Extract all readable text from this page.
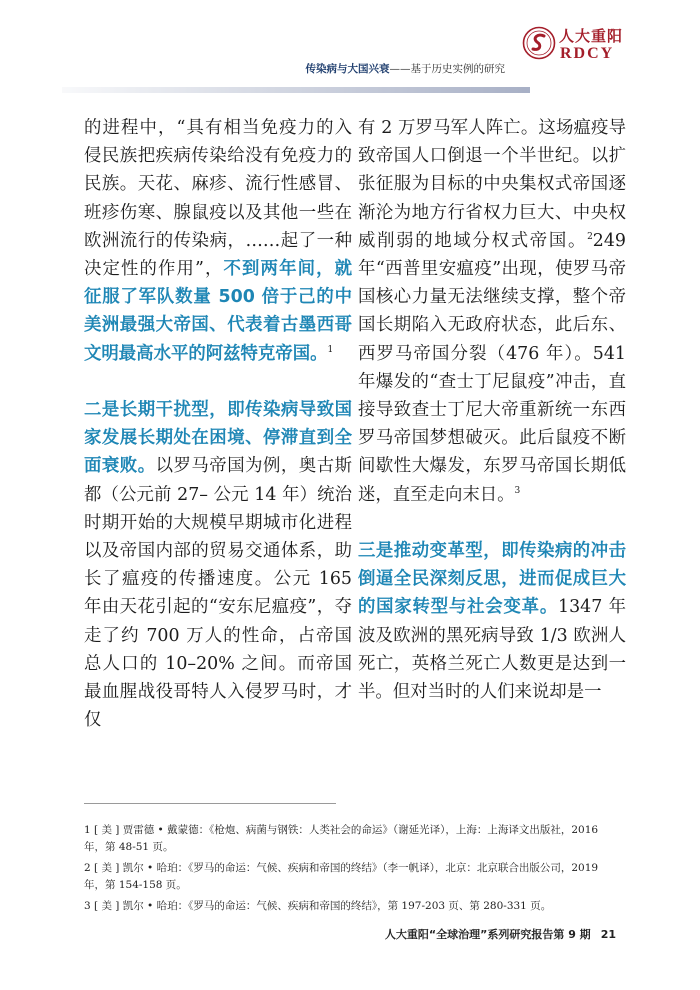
传染病与大国兴衰——基于历史实例的研究
人大重阳
RDCY

的进程中，“具有相当免疫力的入侵民族把疾病传染给没有免疫力的民族。天花、麻疹、流行性感冒、班疹伤寒、腺鼠疫以及其他一些在欧洲流行的传染病，……起了一种决定性的作用”，不到两年间，就征服了军队数量 500 倍于己的中美洲最强大帝国、代表着古墨西哥文明最高水平的阿兹特克帝国。$^1$

二是长期干扰型，即传染病导致国家发展长期处在困境、停滞直到全面衰败。以罗马帝国为例，奥古斯都（公元前 27– 公元 14 年）统治时期开始的大规模早期城市化进程以及帝国内部的贸易交通体系，助长了瘟疫的传播速度。公元 165 年由天花引起的“安东尼瘟疫”，夺走了约 700 万人的性命，占帝国总人口的 10–20% 之间。而帝国最血腥战役哥特人入侵罗马时，才仅

有 2 万罗马军人阵亡。这场瘟疫导致帝国人口倒退一个半世纪。以扩张征服为目标的中央集权式帝国逐渐沦为地方行省权力巨大、中央权威削弱的地域分权式帝国。$^2$249 年“西普里安瘟疫”出现，使罗马帝国核心力量无法继续支撑，整个帝国长期陷入无政府状态，此后东、西罗马帝国分裂（476 年）。541 年爆发的“查士丁尼鼠疫”冲击，直接导致查士丁尼大帝重新统一东西罗马帝国梦想破灭。此后鼠疫不断间歇性大爆发，东罗马帝国长期低迷，直至走向末日。$^3$

三是推动变革型，即传染病的冲击倒逼全民深刻反思，进而促成巨大的国家转型与社会变革。1347 年波及欧洲的黑死病导致 1/3 欧洲人死亡，英格兰死亡人数更是达到一半。但对当时的人们来说却是一

1 [ 美 ] 贾雷德 • 戴蒙德：《枪炮、病菌与钢铁：人类社会的命运》（谢延光译），上海：上海译文出版社，2016 年，第 48-51 页。

2 [ 美 ] 凯尔 • 哈珀：《罗马的命运：气候、疾病和帝国的终结》（李一帆译），北京：北京联合出版公司，2019 年，第 154-158 页。

3 [ 美 ] 凯尔 • 哈珀：《罗马的命运：气候、疾病和帝国的终结》，第 197-203 页、第 280-331 页。

人大重阳“全球治理”系列研究报告第 9 期 21
